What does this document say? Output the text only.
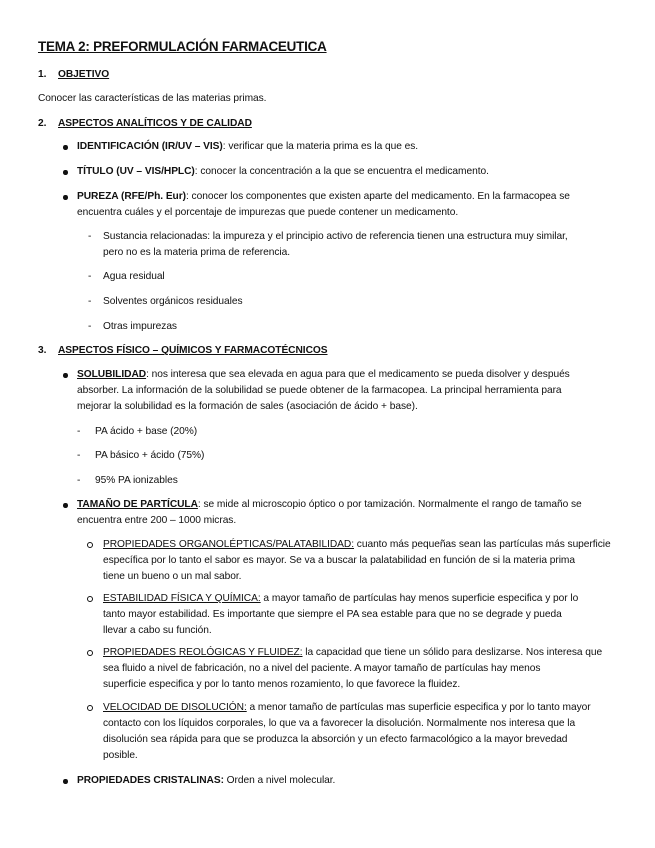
TEMA 2: PREFORMULACIÓN FARMACEUTICA
1. OBJETIVO
Conocer las características de las materias primas.
2. ASPECTOS ANALÍTICOS Y DE CALIDAD
IDENTIFICACIÓN (IR/UV – VIS): verificar que la materia prima es la que es.
TÍTULO (UV – VIS/HPLC): conocer la concentración a la que se encuentra el medicamento.
PUREZA (RFE/Ph. Eur): conocer los componentes que existen aparte del medicamento. En la farmacopea se
encuentra cuáles y el porcentaje de impurezas que puede contener un medicamento.
- Sustancia relacionadas: la impureza y el principio activo de referencia tienen una estructura muy similar,
pero no es la materia prima de referencia.
- Agua residual
- Solventes orgánicos residuales
- Otras impurezas
3. ASPECTOS FÍSICO – QUÍMICOS Y FARMACOTÉCNICOS
SOLUBILIDAD: nos interesa que sea elevada en agua para que el medicamento se pueda disolver y después
absorber. La información de la solubilidad se puede obtener de la farmacopea. La principal herramienta para
mejorar la solubilidad es la formación de sales (asociación de ácido + base).
- PA ácido + base (20%)
- PA básico + ácido (75%)
- 95% PA ionizables
TAMAÑO DE PARTÍCULA: se mide al microscopio óptico o por tamización. Normalmente el rango de tamaño se
encuentra entre 200 – 1000 micras.
PROPIEDADES ORGANOLÉPTICAS/PALATABILIDAD: cuanto más pequeñas sean las partículas más superficie
específica por lo tanto el sabor es mayor. Se va a buscar la palatabilidad en función de si la materia prima
tiene un bueno o un mal sabor.
ESTABILIDAD FÍSICA Y QUÍMICA: a mayor tamaño de partículas hay menos superficie especifica y por lo
tanto mayor estabilidad. Es importante que siempre el PA sea estable para que no se degrade y pueda
llevar a cabo su función.
PROPIEDADES REOLÓGICAS Y FLUIDEZ: la capacidad que tiene un sólido para deslizarse. Nos interesa que
sea fluido a nivel de fabricación, no a nivel del paciente. A mayor tamaño de partículas hay menos
superficie especifica y por lo tanto menos rozamiento, lo que favorece la fluidez.
VELOCIDAD DE DISOLUCIÓN: a menor tamaño de partículas mas superficie especifica y por lo tanto mayor
contacto con los líquidos corporales, lo que va a favorecer la disolución. Normalmente nos interesa que la
disolución sea rápida para que se produzca la absorción y un efecto farmacológico a la mayor brevedad
posible.
PROPIEDADES CRISTALINAS: Orden a nivel molecular.
